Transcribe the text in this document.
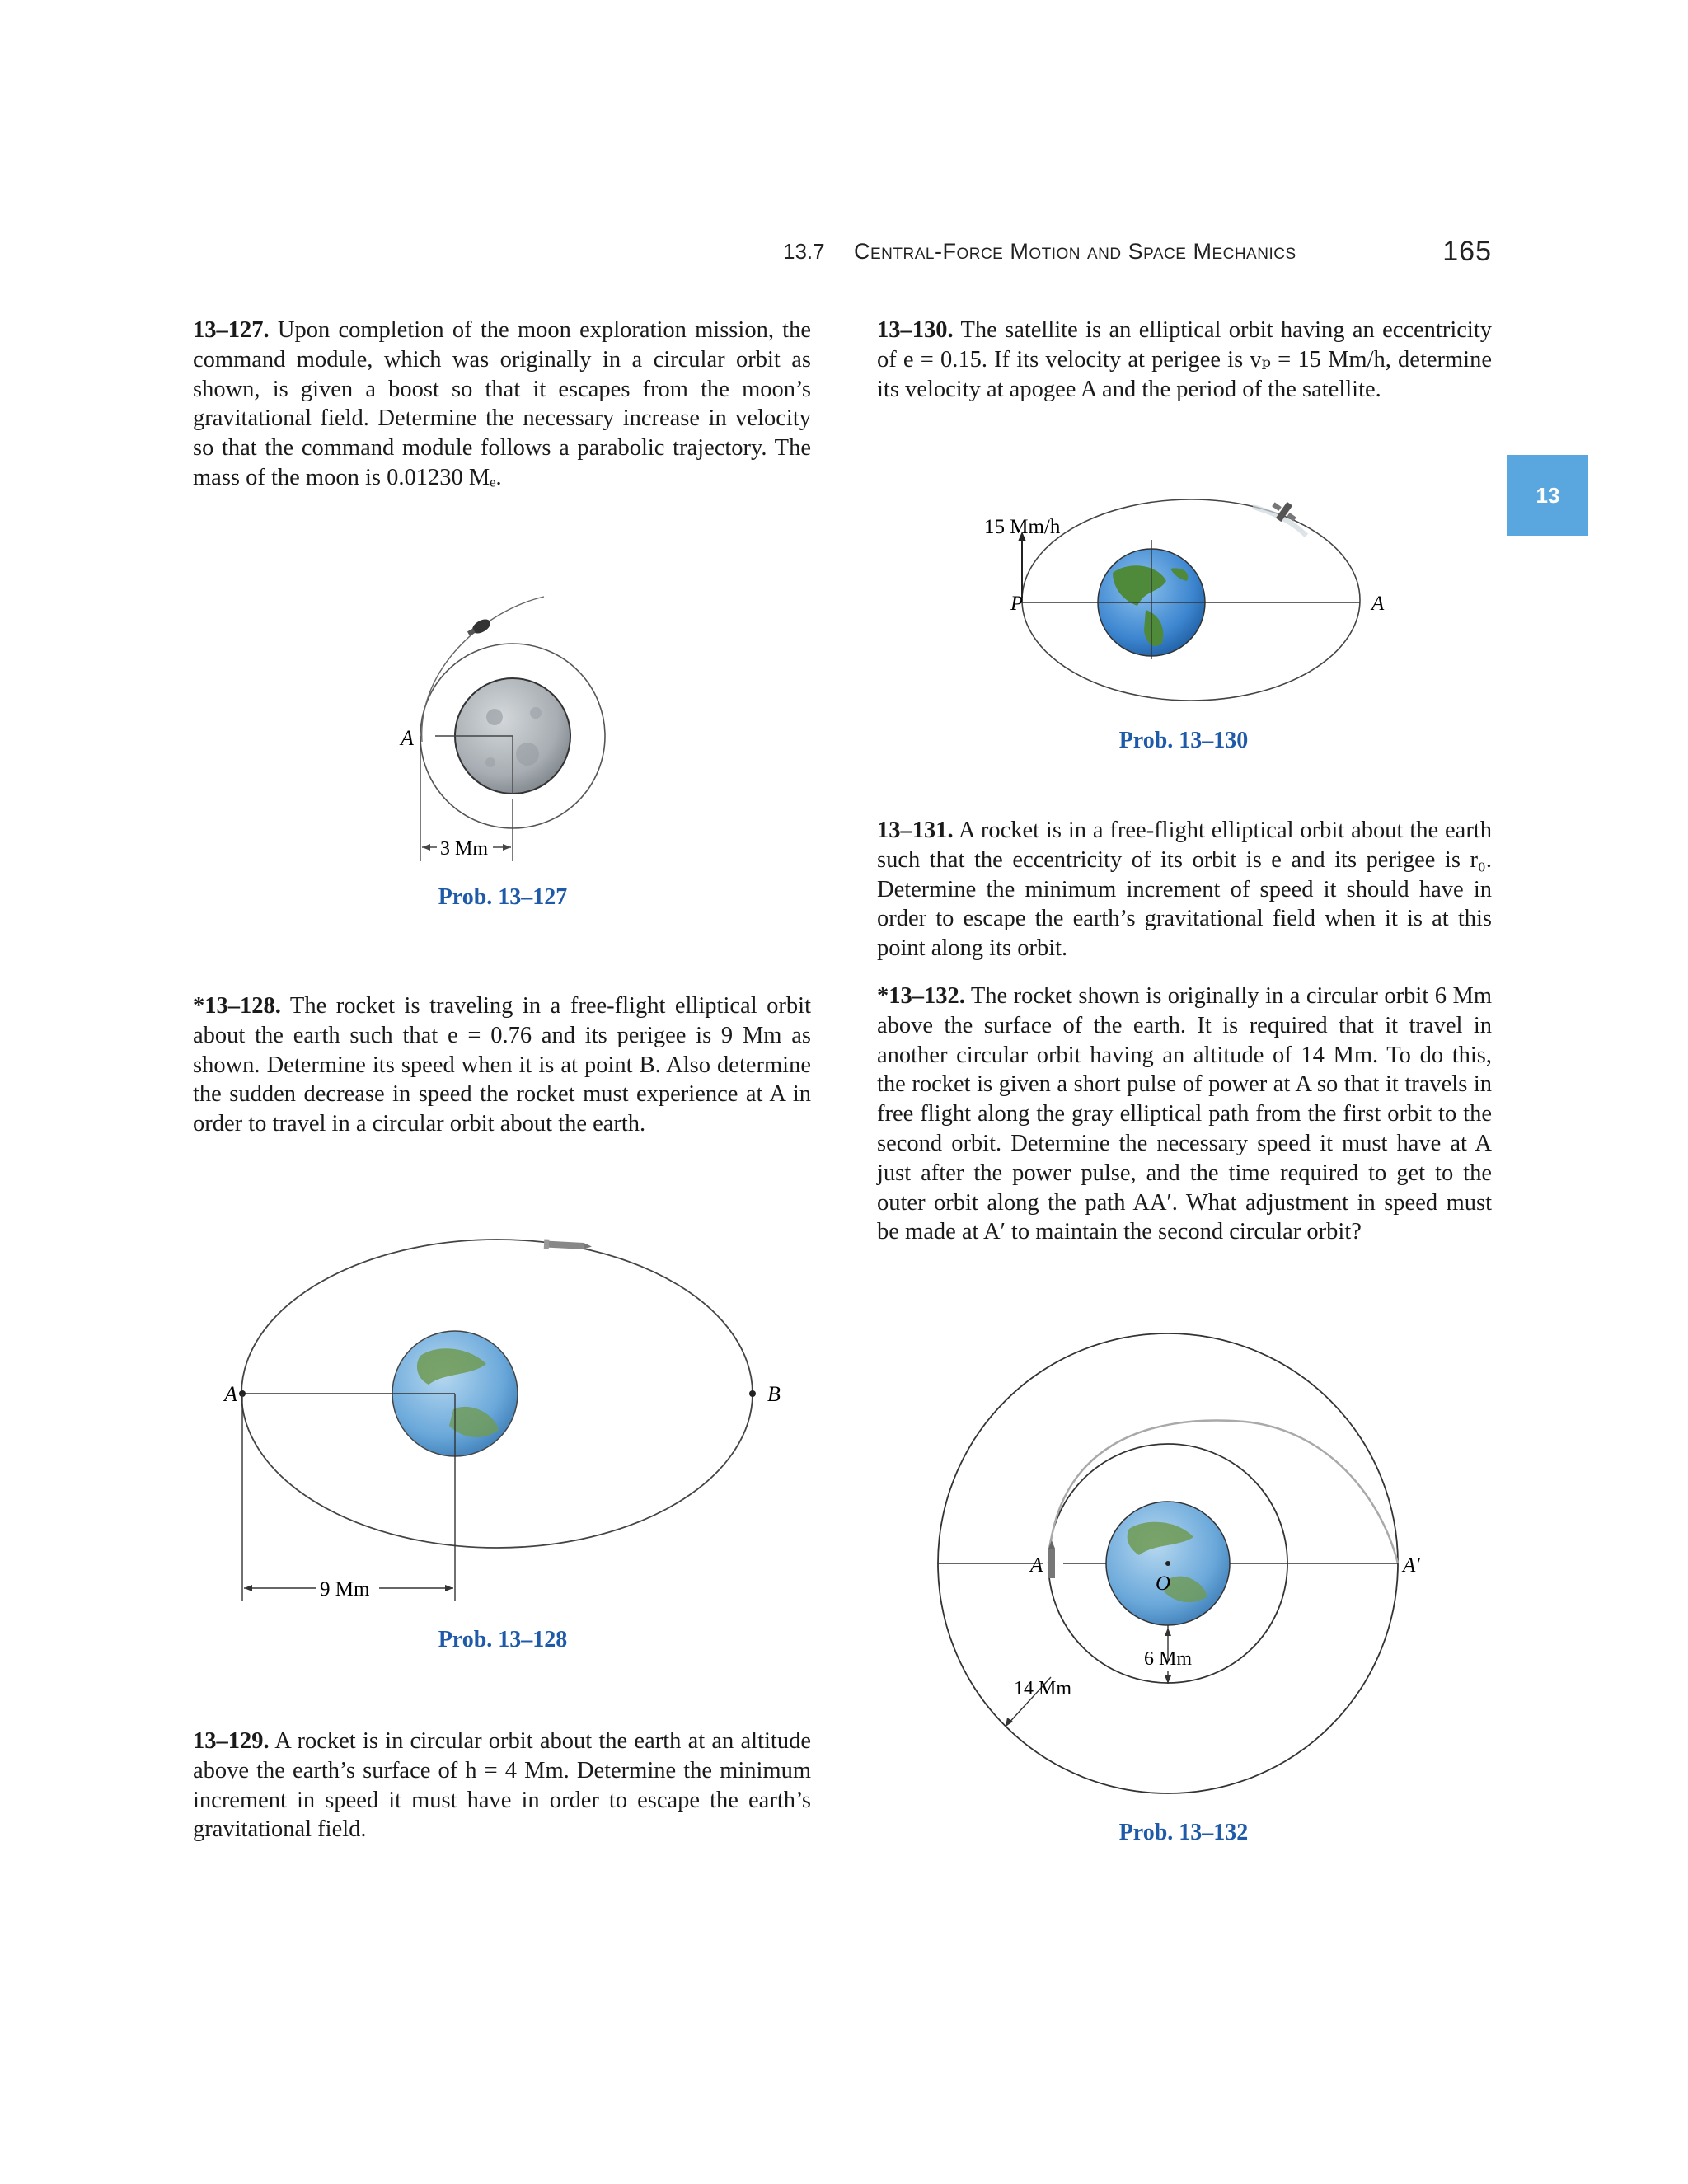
13.7 Central-Force Motion and Space Mechanics	165
13

13–127. Upon completion of the moon exploration mission, the command module, which was originally in a circular orbit as shown, is given a boost so that it escapes from the moon’s gravitational field. Determine the necessary increase in velocity so that the command module follows a parabolic trajectory. The mass of the moon is 0.01230 Mₑ.

*13–128. The rocket is traveling in a free-flight elliptical orbit about the earth such that e = 0.76 and its perigee is 9 Mm as shown. Determine its speed when it is at point B. Also determine the sudden decrease in speed the rocket must experience at A in order to travel in a circular orbit about the earth.

13–129. A rocket is in circular orbit about the earth at an altitude above the earth’s surface of h = 4 Mm. Determine the minimum increment in speed it must have in order to escape the earth’s gravitational field.

13–130. The satellite is an elliptical orbit having an eccentricity of e = 0.15. If its velocity at perigee is vₚ = 15 Mm/h, determine its velocity at apogee A and the period of the satellite.

13–131. A rocket is in a free-flight elliptical orbit about the earth such that the eccentricity of its orbit is e and its perigee is r₀. Determine the minimum increment of speed it should have in order to escape the earth’s gravitational field when it is at this point along its orbit.

*13–132. The rocket shown is originally in a circular orbit 6 Mm above the surface of the earth. It is required that it travel in another circular orbit having an altitude of 14 Mm. To do this, the rocket is given a short pulse of power at A so that it travels in free flight along the gray elliptical path from the first orbit to the second orbit. Determine the necessary speed it must have at A just after the power pulse, and the time required to get to the outer orbit along the path AA′. What adjustment in speed must be made at A′ to maintain the second circular orbit?

A
3 Mm
Prob. 13–127
A	B
9 Mm
Prob. 13–128
15 Mm/h
P	A
Prob. 13–130
A	A′
O
6 Mm
14 Mm
Prob. 13–132
